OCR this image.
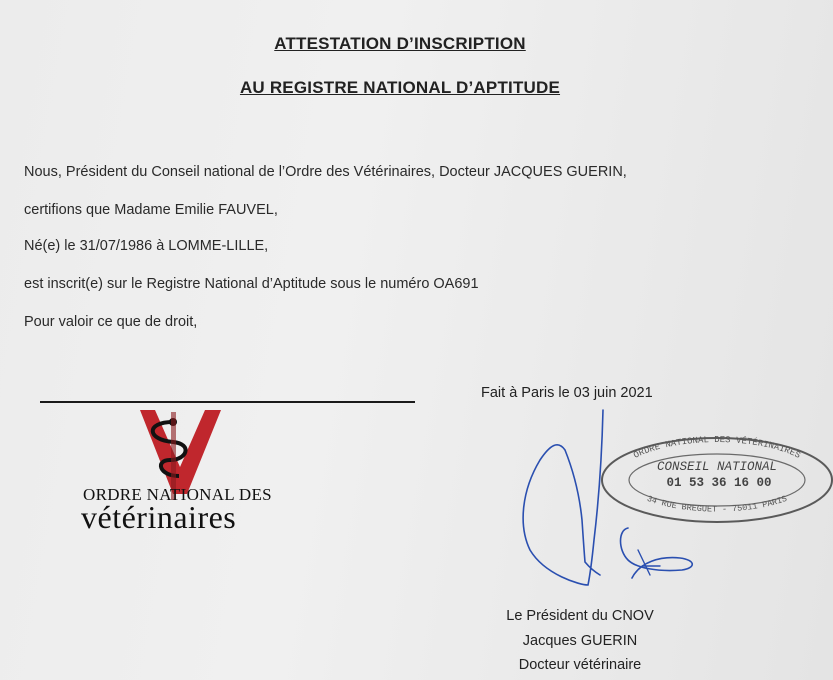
ATTESTATION D’INSCRIPTION
AU REGISTRE NATIONAL D’APTITUDE
Nous, Président du Conseil national de l’Ordre des Vétérinaires, Docteur JACQUES GUERIN,
certifions que Madame Emilie FAUVEL,
Né(e) le 31/07/1986 à LOMME-LILLE,
est inscrit(e) sur le Registre National d’Aptitude sous le numéro OA691
Pour valoir ce que de droit,
ORDRE NATIONAL DES
vétérinaires
Fait à Paris le 03 juin 2021
ORDRE NATIONAL DES VÉTÉRINAIRES
34 RUE BREGUET - 75011 PARIS
CONSEIL NATIONAL
01 53 36 16 00
Le Président du CNOV
Jacques GUERIN
Docteur vétérinaire
